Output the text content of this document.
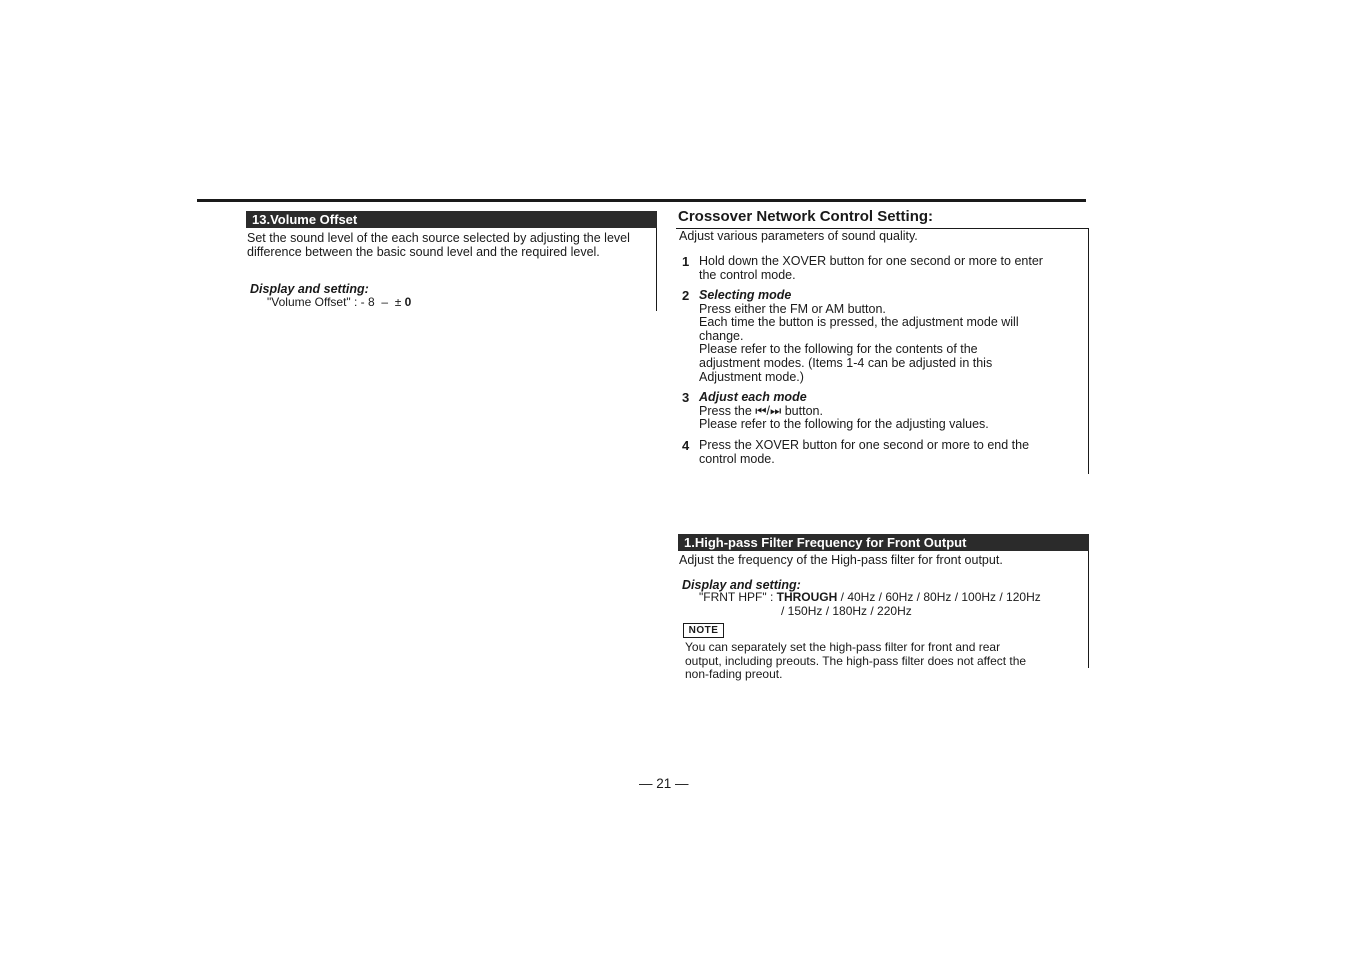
13.Volume Offset
Set the sound level of the each source selected by adjusting the level difference between the basic sound level and the required level.
Display and setting:
"Volume Offset" : - 8  –  ± 0
Crossover Network Control Setting:
Adjust various parameters of sound quality.
1 Hold down the XOVER button for one second or more to enter
the control mode.
2 Selecting mode
Press either the FM or AM button.
Each time the button is pressed, the adjustment mode will
change.
Please refer to the following for the contents of the
adjustment modes. (Items 1-4 can be adjusted in this
Adjustment mode.)
3 Adjust each mode
Press the ⏮/⏭ button.
Please refer to the following for the adjusting values.
4 Press the XOVER button for one second or more to end the
control mode.
1.High-pass Filter Frequency for Front Output
Adjust the frequency of the High-pass filter for front output.
Display and setting:
"FRNT HPF" : THROUGH / 40Hz / 60Hz / 80Hz / 100Hz / 120Hz
/ 150Hz / 180Hz / 220Hz
NOTE
You can separately set the high-pass filter for front and rear
output, including preouts. The high-pass filter does not affect the
non-fading preout.
— 21 —
